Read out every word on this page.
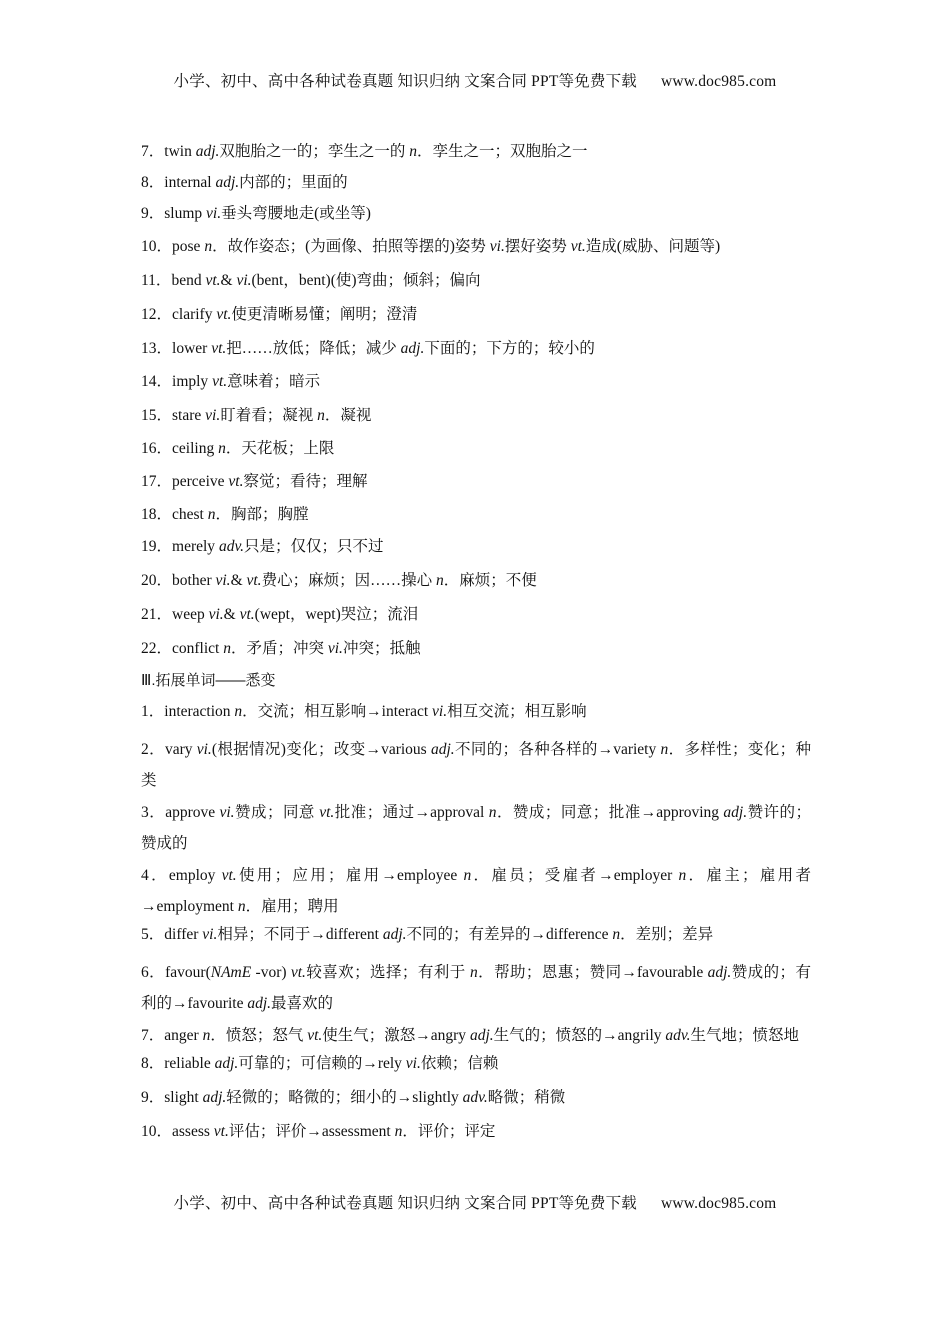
小学、初中、高中各种试卷真题 知识归纳 文案合同 PPT等免费下载 www.doc985.com
7．twin adj.双胞胎之一的；孪生之一的 n．孪生之一；双胞胎之一
8．internal adj.内部的；里面的
9．slump vi.垂头弯腰地走(或坐等)
10．pose n．故作姿态；(为画像、拍照等摆的)姿势 vi.摆好姿势 vt.造成(威胁、问题等)
11．bend vt.& vi.(bent，bent)(使)弯曲；倾斜；偏向
12．clarify vt.使更清晰易懂；阐明；澄清
13．lower vt.把……放低；降低；减少 adj.下面的；下方的；较小的
14．imply vt.意味着；暗示
15．stare vi.盯着看；凝视 n．凝视
16．ceiling n．天花板；上限
17．perceive vt.察觉；看待；理解
18．chest n．胸部；胸膛
19．merely adv.只是；仅仅；只不过
20．bother vi.& vt.费心；麻烦；因……操心 n．麻烦；不便
21．weep vi.& vt.(wept，wept)哭泣；流泪
22．conflict n．矛盾；冲突 vi.冲突；抵触
Ⅲ.拓展单词——悉变
1．interaction n．交流；相互影响→interact vi.相互交流；相互影响
2．vary vi.(根据情况)变化；改变→various adj.不同的；各种各样的→variety n．多样性；变化；种类
3．approve vi.赞成；同意 vt.批准；通过→approval n．赞成；同意；批准→approving adj.赞许的；赞成的
4．employ vt.使用；应用；雇用→employee n．雇员；受雇者→employer n．雇主；雇用者→employment n．雇用；聘用
5．differ vi.相异；不同于→different adj.不同的；有差异的→difference n．差别；差异
6．favour(NAmE -vor) vt.较喜欢；选择；有利于 n．帮助；恩惠；赞同→favourable adj.赞成的；有利的→favourite adj.最喜欢的
7．anger n．愤怒；怒气 vt.使生气；激怒→angry adj.生气的；愤怒的→angrily adv.生气地；愤怒地
8．reliable adj.可靠的；可信赖的→rely vi.依赖；信赖
9．slight adj.轻微的；略微的；细小的→slightly adv.略微；稍微
10．assess vt.评估；评价→assessment n．评价；评定
小学、初中、高中各种试卷真题 知识归纳 文案合同 PPT等免费下载 www.doc985.com
